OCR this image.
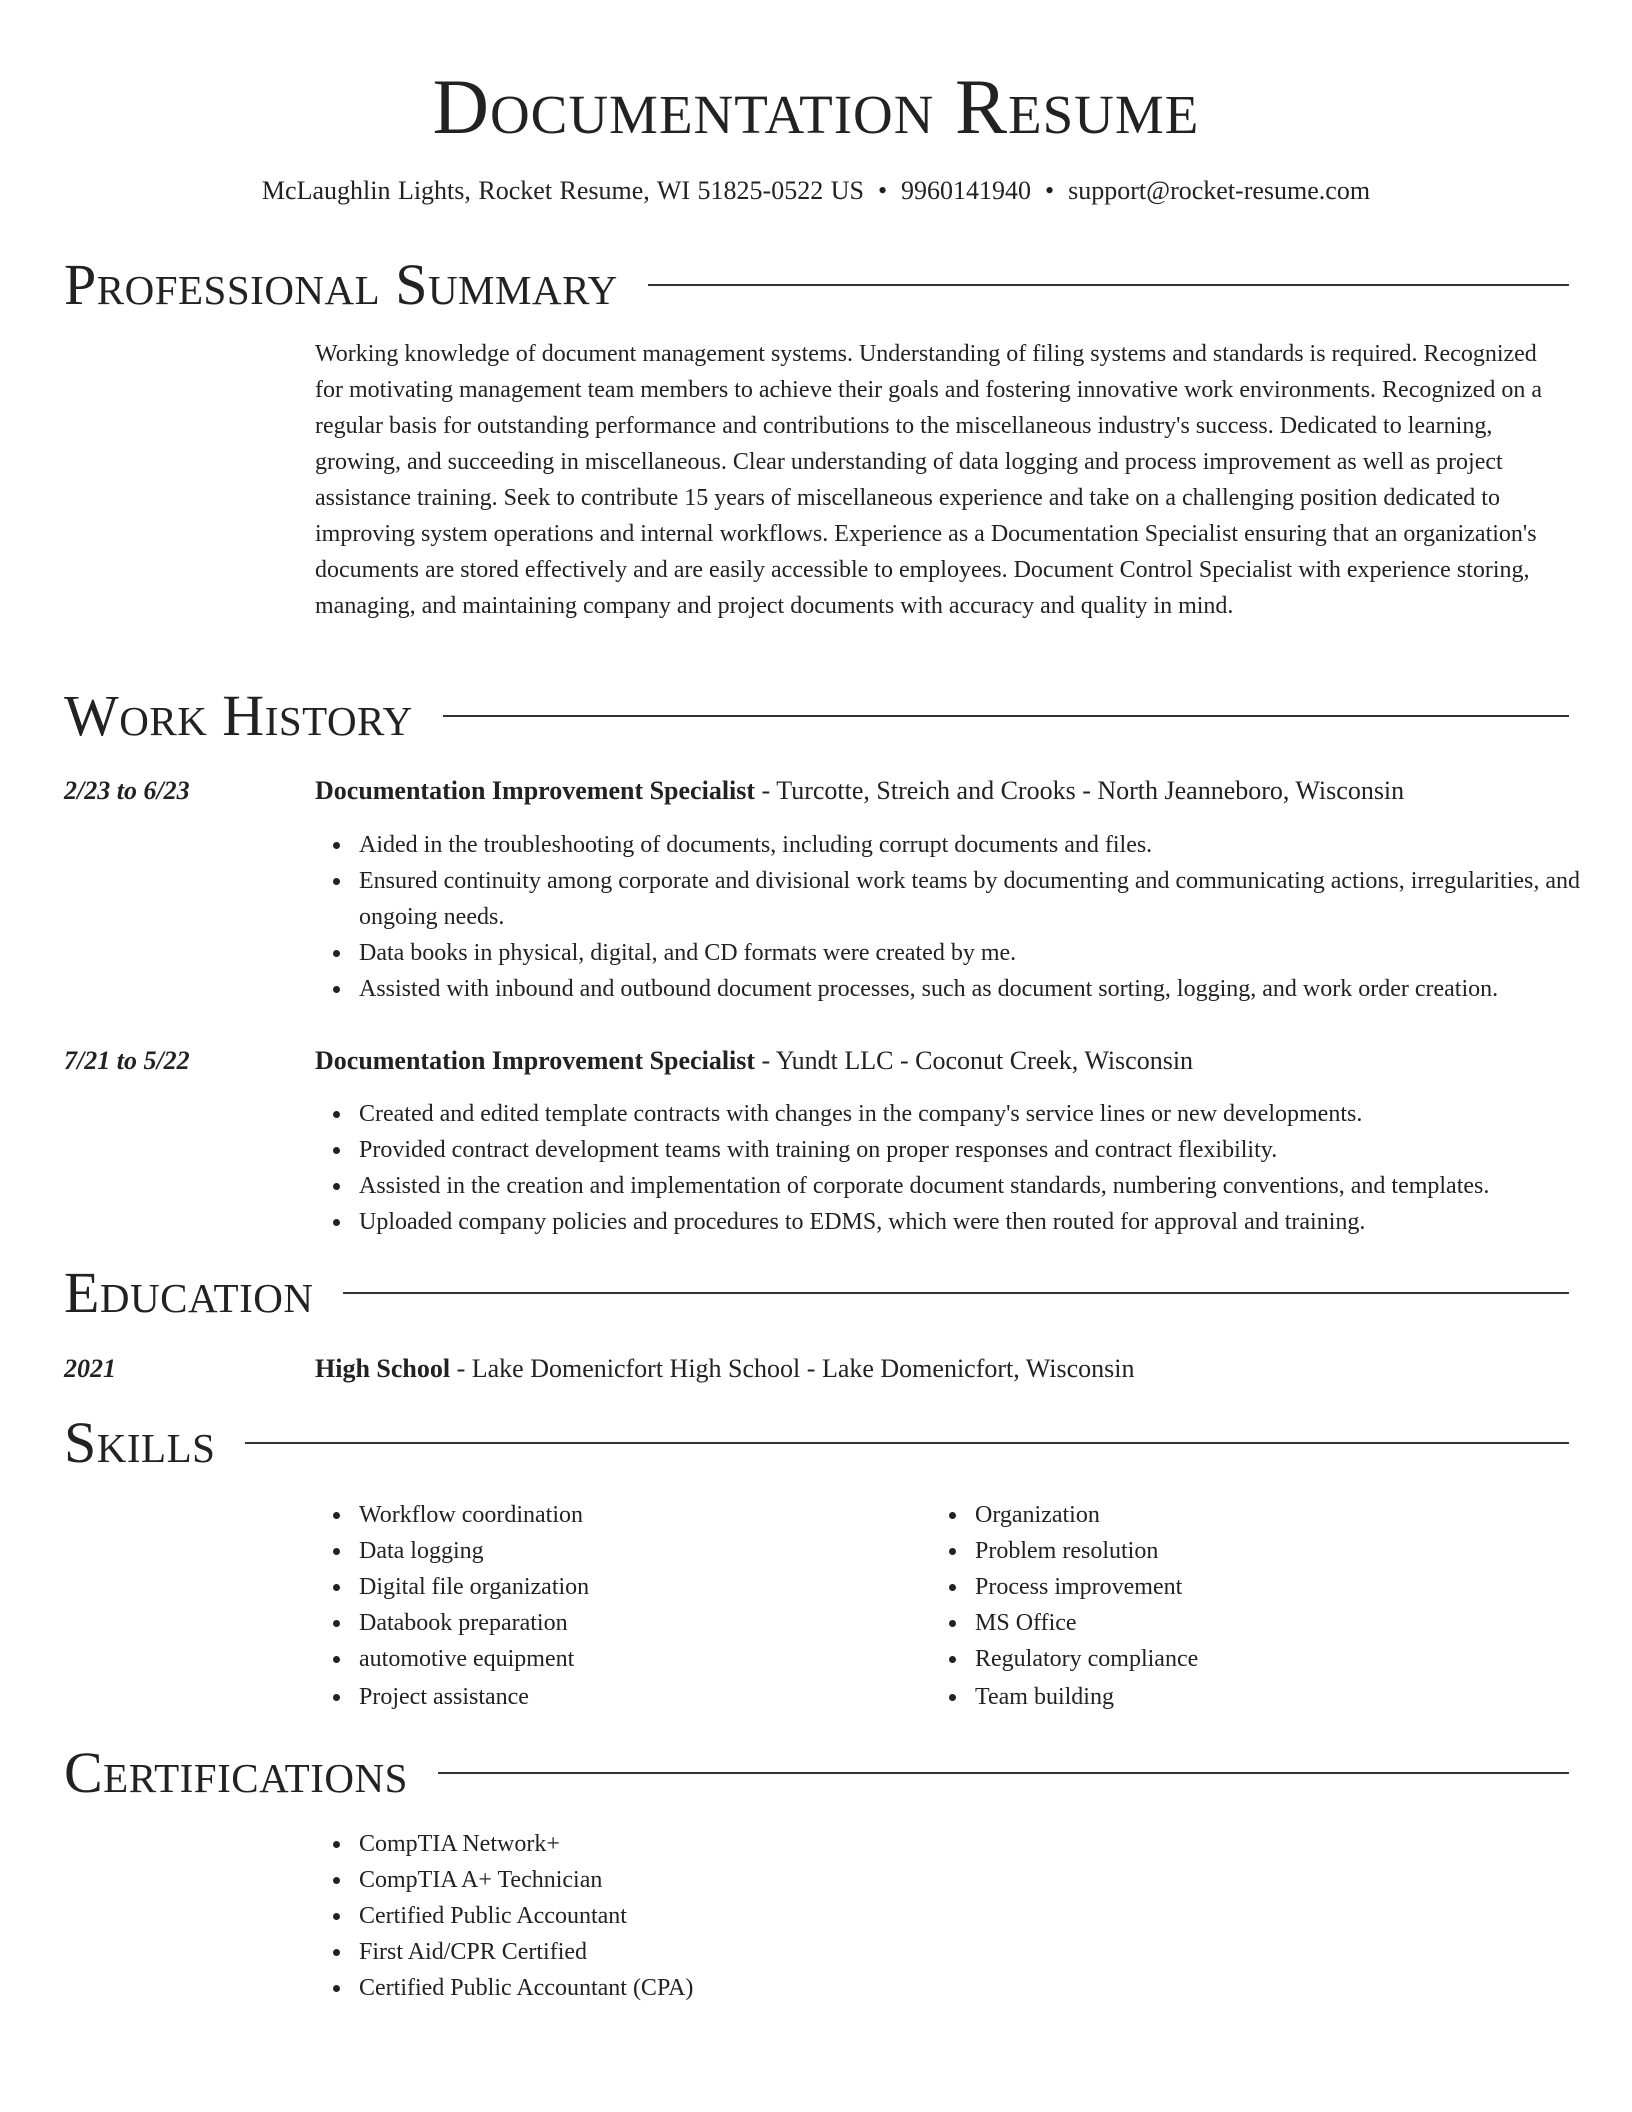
Documentation Resume
McLaughlin Lights, Rocket Resume, WI 51825-0522 US • 9960141940 • support@rocket-resume.com
Professional Summary

Working knowledge of document management systems. Understanding of filing systems and standards is required. Recognized for motivating management team members to achieve their goals and fostering innovative work environments. Recognized on a regular basis for outstanding performance and contributions to the miscellaneous industry's success. Dedicated to learning, growing, and succeeding in miscellaneous. Clear understanding of data logging and process improvement as well as project assistance training. Seek to contribute 15 years of miscellaneous experience and take on a challenging position dedicated to improving system operations and internal workflows. Experience as a Documentation Specialist ensuring that an organization's documents are stored effectively and are easily accessible to employees. Document Control Specialist with experience storing, managing, and maintaining company and project documents with accuracy and quality in mind.

Work History
2/23 to 6/23	Documentation Improvement Specialist - Turcotte, Streich and Crooks - North Jeanneboro, Wisconsin
Aided in the troubleshooting of documents, including corrupt documents and files.
Ensured continuity among corporate and divisional work teams by documenting and communicating actions, irregularities, and ongoing needs.
Data books in physical, digital, and CD formats were created by me.
Assisted with inbound and outbound document processes, such as document sorting, logging, and work order creation.
7/21 to 5/22	Documentation Improvement Specialist - Yundt LLC - Coconut Creek, Wisconsin
Created and edited template contracts with changes in the company's service lines or new developments.
Provided contract development teams with training on proper responses and contract flexibility.
Assisted in the creation and implementation of corporate document standards, numbering conventions, and templates.
Uploaded company policies and procedures to EDMS, which were then routed for approval and training.
Education
2021	High School - Lake Domenicfort High School - Lake Domenicfort, Wisconsin
Skills
Workflow coordination
Data logging
Digital file organization
Databook preparation
automotive equipment
Project assistance
Organization
Problem resolution
Process improvement
MS Office
Regulatory compliance
Team building
Certifications
CompTIA Network+
CompTIA A+ Technician
Certified Public Accountant
First Aid/CPR Certified
Certified Public Accountant (CPA)
